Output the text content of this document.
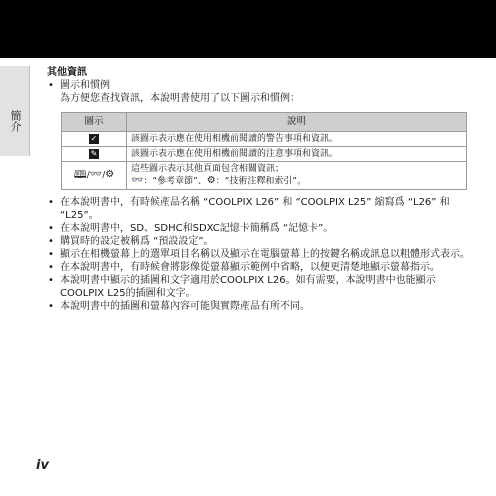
簡介
其他資訊
• 圖示和慣例
為方便您查找資訊，本說明書使用了以下圖示和慣例：
圖示	說明
✓	該圖示表示應在使用相機前閱讀的警告事項和資訊。
✎	該圖示表示應在使用相機前閱讀的注意事項和資訊。
🕮/👓/⚙	這些圖示表示其他頁面包含相關資訊；
👓：“參考章節”、⚙：“技術注釋和索引”。
• 在本說明書中，有時候產品名稱 “COOLPIX L26” 和 “COOLPIX L25” 縮寫爲 “L26” 和 “L25”。
• 在本說明書中，SD、SDHC和SDXC記憶卡簡稱爲 “記憶卡”。
• 購買時的設定被稱爲 “預設設定”。
• 顯示在相機螢幕上的選單項目名稱以及顯示在電腦螢幕上的按鍵名稱或訊息以粗體形式表示。
• 在本說明書中，有時候會將影像從螢幕顯示範例中省略，以便更清楚地顯示螢幕指示。
• 本說明書中顯示的插圖和文字適用於COOLPIX L26。如有需要，本說明書中也能顯示COOLPIX L25的插圖和文字。
• 本說明書中的插圖和螢幕內容可能與實際產品有所不同。
iv
